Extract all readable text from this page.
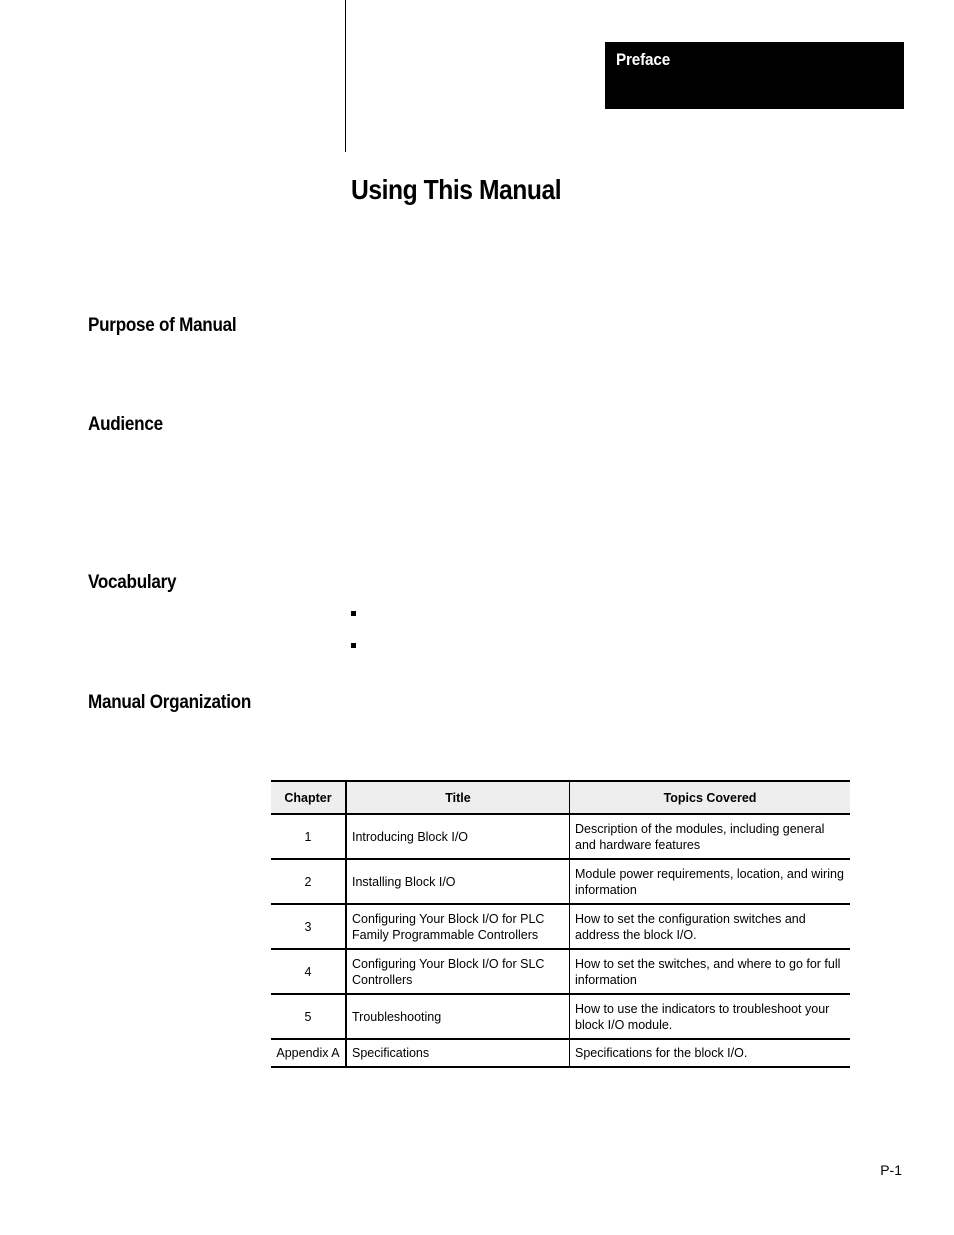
Preface
Using This Manual
Purpose of Manual
Audience
Vocabulary
Manual Organization
Chapter	Title	Topics Covered
1	Introducing Block I/O	Description of the modules, including general and hardware features
2	Installing Block I/O	Module power requirements, location, and wiring information
3	Configuring Your Block I/O for PLC Family Programmable Controllers	How to set the configuration switches and address the block I/O.
4	Configuring Your Block I/O for SLC Controllers	How to set the switches, and where to go for full information
5	Troubleshooting	How to use the indicators to troubleshoot your block I/O module.
Appendix A	Specifications	Specifications for the block I/O.
P-1
